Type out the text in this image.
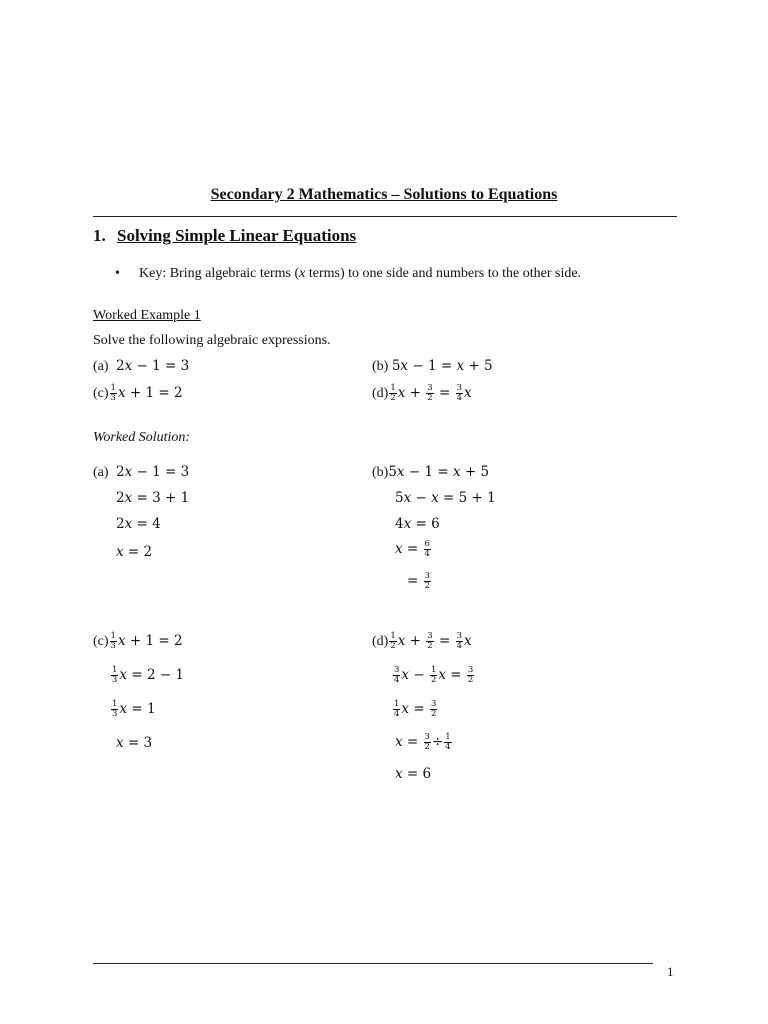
Secondary 2 Mathematics – Solutions to Equations
1. Solving Simple Linear Equations
• Key: Bring algebraic terms (x terms) to one side and numbers to the other side.
Worked Example 1
Solve the following algebraic expressions.
(a) 2x − 1 = 3	(b) 5x − 1 = x + 5
$(c) \frac{1}{3}$ x + 1 = 2	$(d) \frac{1}{2}$ $x + \frac{3}{2} = \frac{3}{4}$ x
Worked Solution:
(a) 2x − 1 = 3
2x = 3 + 1
2x = 4
x = 2
(b)5x − 1 = x + 5
5x − x = 5 + 1
4x = 6
$x = \frac{6}{4}$
= $\frac{3}{2}$
$(c) \frac{1}{3}$ x + 1 = 2
$\frac{1}{3}$ x = 2 − 1
$\frac{1}{3}$ x = 1
x = 3
$(d) \frac{1}{2}$ $x + \frac{3}{2} = \frac{3}{4}$ x
$\frac{3}{4}$ $x - \frac{1}{2}$ $x = \frac{3}{2}$
$\frac{1}{4}$ $x = \frac{3}{2}$
$x = \frac{3}{2} \div \frac{1}{4}$
x = 6
1
